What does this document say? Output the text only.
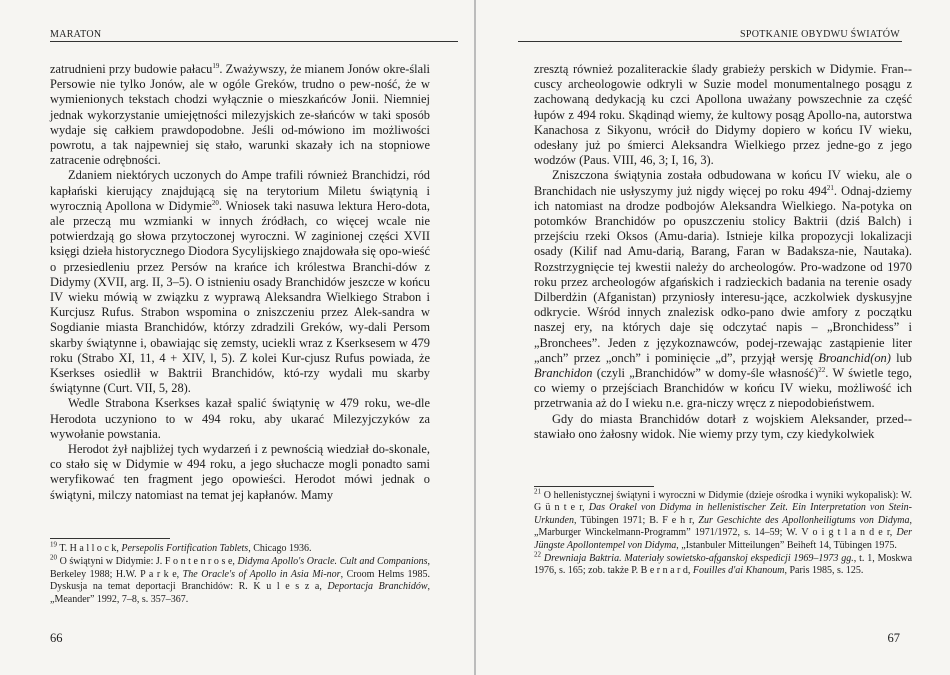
MARATON

zatrudnieni przy budowie pałacu$^{19}$. Zważywszy, że mianem Jonów okre-ślali Persowie nie tylko Jonów, ale w ogóle Greków, trudno o pew-ność, że w wymienionych tekstach chodzi wyłącznie o mieszkańców Jonii. Niemniej jednak wykorzystanie umiejętności milezyjskich ze-słańców w taki sposób wydaje się całkiem prawdopodobne. Jeśli od-mówiono im możliwości powrotu, a tak najpewniej się stało, warunki skazały ich na stopniowe zatracenie odrębności.

Zdaniem niektórych uczonych do Ampe trafili również Branchidzi, ród kapłański kierujący znajdującą się na terytorium Miletu świątynią i wyrocznią Apollona w Didymie$^{20}$. Wniosek taki nasuwa lektura Hero-dota, ale przeczą mu wzmianki w innych źródłach, co więcej wcale nie potwierdzają go słowa przytoczonej wyroczni. W zaginionej części XVII księgi dzieła historycznego Diodora Sycylijskiego znajdowała się opo-wieść o przesiedleniu przez Persów na krańce ich królestwa Branchi-dów z Didymy (XVII, arg. II, 3–5). O istnieniu osady Branchidów jeszcze w końcu IV wieku mówią w związku z wyprawą Aleksandra Wielkiego Strabon i Kurcjusz Rufus. Strabon wspomina o zniszczeniu przez Alek-sandra w Sogdianie miasta Branchidów, którzy zdradzili Greków, wy-dali Persom skarby świątynne i, obawiając się zemsty, uciekli wraz z Kserksesem w 479 roku (Strabo XI, 11, 4 + XIV, l, 5). Z kolei Kur-cjusz Rufus powiada, że Kserkses osiedlił w Baktrii Branchidów, któ-rzy wydali mu skarby świątynne (Curt. VII, 5, 28).

Wedle Strabona Kserkses kazał spalić świątynię w 479 roku, we-dle Herodota uczyniono to w 494 roku, aby ukarać Milezyjczyków za wywołanie powstania.

Herodot żył najbliżej tych wydarzeń i z pewnością wiedział do-skonale, co stało się w Didymie w 494 roku, a jego słuchacze mogli ponadto sami weryfikować ten fragment jego opowieści. Herodot mówi jednak o świątyni, milczy natomiast na temat jej kapłanów. Mamy

$^{19}$ T. H a l l o c k, Persepolis Fortification Tablets, Chicago 1936.

$^{20}$ O świątyni w Didymie: J. F o n t e n r o s e, Didyma Apollo's Oracle. Cult and Companions, Berkeley 1988; H.W. P a r k e, The Oracle's of Apollo in Asia Mi-nor, Croom Helms 1985. Dyskusja na temat deportacji Branchidów: R. K u l e s z a, Deportacja Branchidów, „Meander” 1992, 7–8, s. 357–367.

66
SPOTKANIE OBYDWU ŚWIATÓW

zresztą również pozaliterackie ślady grabieży perskich w Didymie. Fran-cuscy archeologowie odkryli w Suzie model monumentalnego posągu z zachowaną dedykacją ku czci Apollona uważany powszechnie za część łupów z 494 roku. Skądinąd wiemy, że kultowy posąg Apollo-na, autorstwa Kanachosa z Sikyonu, wrócił do Didymy dopiero w końcu IV wieku, odesłany już po śmierci Aleksandra Wielkiego przez jedne-go z jego wodzów (Paus. VIII, 46, 3; I, 16, 3).

Zniszczona świątynia została odbudowana w końcu IV wieku, ale o Branchidach nie usłyszymy już nigdy więcej po roku $494^{21}$. Odnaj-dziemy ich natomiast na drodze podbojów Aleksandra Wielkiego. Na-potyka on potomków Branchidów po opuszczeniu stolicy Baktrii (dziś Balch) i przejściu rzeki Oksos (Amu-daria). Istnieje kilka propozycji lokalizacji osady (Kilif nad Amu-darią, Barang, Faran w Badaksza-nie, Nautaka). Rozstrzygnięcie tej kwestii należy do archeologów. Pro-wadzone od 1970 roku przez archeologów afgańskich i radzieckich badania na terenie osady Dilberdżin (Afganistan) przyniosły interesu-jące, aczkolwiek dyskusyjne odkrycie. Wśród innych znalezisk odko-pano dwie amfory z początku naszej ery, na których daje się odczytać napis – „Bronchidess” i „Bronchees”. Jeden z językoznawców, podej-rzewając zastąpienie liter „anch” przez „onch” i pominięcie „d”, przyjął wersję Broanchid(on) lub Branchidon (czyli „Branchidów” w domy-śle własność)$^{22}$. W świetle tego, co wiemy o przejściach Branchidów w końcu IV wieku, możliwość ich przetrwania aż do I wieku n.e. gra-niczy wręcz z niepodobieństwem.

Gdy do miasta Branchidów dotarł z wojskiem Aleksander, przed-stawiało ono żałosny widok. Nie wiemy przy tym, czy kiedykolwiek

$^{21}$ O hellenistycznej świątyni i wyroczni w Didymie (dzieje ośrodka i wyniki wykopalisk): W. G ü n t e r, Das Orakel von Didyma in hellenistischer Zeit. Ein Interpretation von Stein-Urkunden, Tübingen 1971; B. F e h r, Zur Geschichte des Apollonheiligtums von Didyma, „Marburger Winckelmann-Programm” 1971/1972, s. 14–59; W. V o i g t l a n d e r, Der Jüngste Apollontempel von Didyma, „Istanbuler Mitteilungen” Beiheft 14, Tübingen 1975.

$^{22}$ Drewniaja Baktria. Materiały sowietsko-afganskoj ekspedicji 1969–1973 gg., t. 1, Moskwa 1976, s. 165; zob. także P. B e r n a r d, Fouilles d'ai Khanoum, Paris 1985, s. 125.

67
